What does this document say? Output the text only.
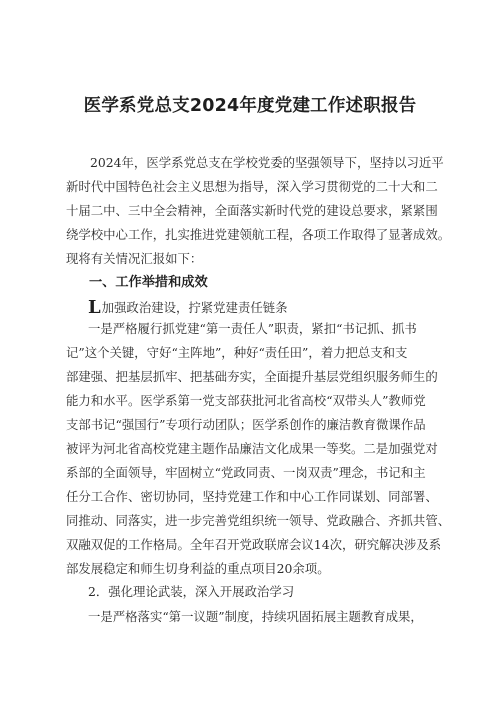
医学系党总支2024年度党建工作述职报告
2024年，医学系党总支在学校党委的坚强领导下，坚持以习近平
新时代中国特色社会主义思想为指导，深入学习贯彻党的二十大和二
十届二中、三中全会精神，全面落实新时代党的建设总要求，紧紧围
绕学校中心工作，扎实推进党建领航工程，各项工作取得了显著成效。
现将有关情况汇报如下：
一、工作举措和成效
L加强政治建设，拧紧党建责任链条
一是严格履行抓党建“第一责任人”职责，紧扣“书记抓、抓书
记”这个关键，守好“主阵地”，种好“责任田”，着力把总支和支
部建强、把基层抓牢、把基础夯实，全面提升基层党组织服务师生的
能力和水平。医学系第一党支部获批河北省高校“双带头人”教师党
支部书记“强国行”专项行动团队；医学系创作的廉洁教育微课作品
被评为河北省高校党建主题作品廉洁文化成果一等奖。二是加强党对
系部的全面领导，牢固树立“党政同责、一岗双责”理念，书记和主
任分工合作、密切协同，坚持党建工作和中心工作同谋划、同部署、
同推动、同落实，进一步完善党组织统一领导、党政融合、齐抓共管、
双融双促的工作格局。全年召开党政联席会议14次，研究解决涉及系
部发展稳定和师生切身利益的重点项目20余项。
2．强化理论武装，深入开展政治学习
一是严格落实“第一议题”制度，持续巩固拓展主题教育成果，
